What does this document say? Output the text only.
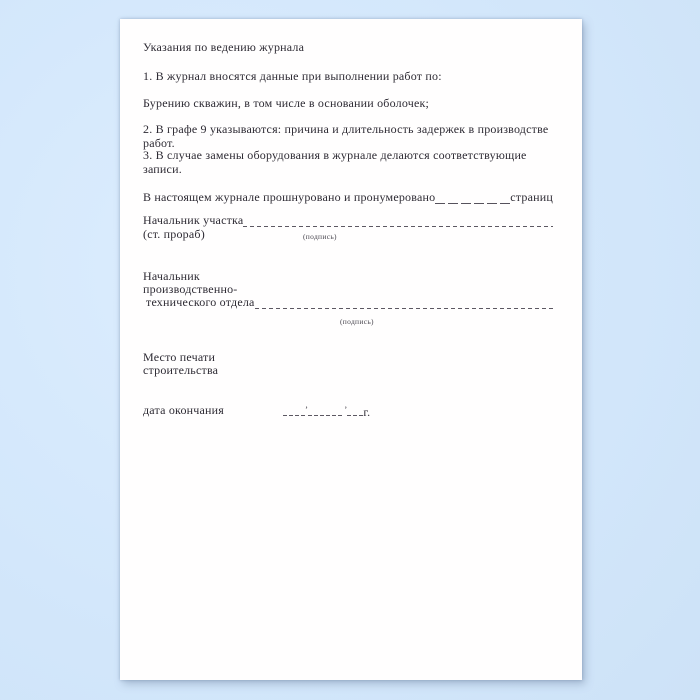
Указания по ведению журнала
1. В журнал вносятся данные при выполнении работ по:
Бурению скважин, в том числе в основании оболочек;
2. В графе 9 указываются: причина и длительность задержек в производстве работ.
3. В случае замены оборудования в журнале делаются соответствующие записи.
В настоящем журнале прошнуровано и пронумеровано	страниц
Начальник участка
(ст. прораб)	(подпись)
Начальник
производственно-
технического отдела
(подпись)
Место печати
строительства
дата окончания	’	’ г.
